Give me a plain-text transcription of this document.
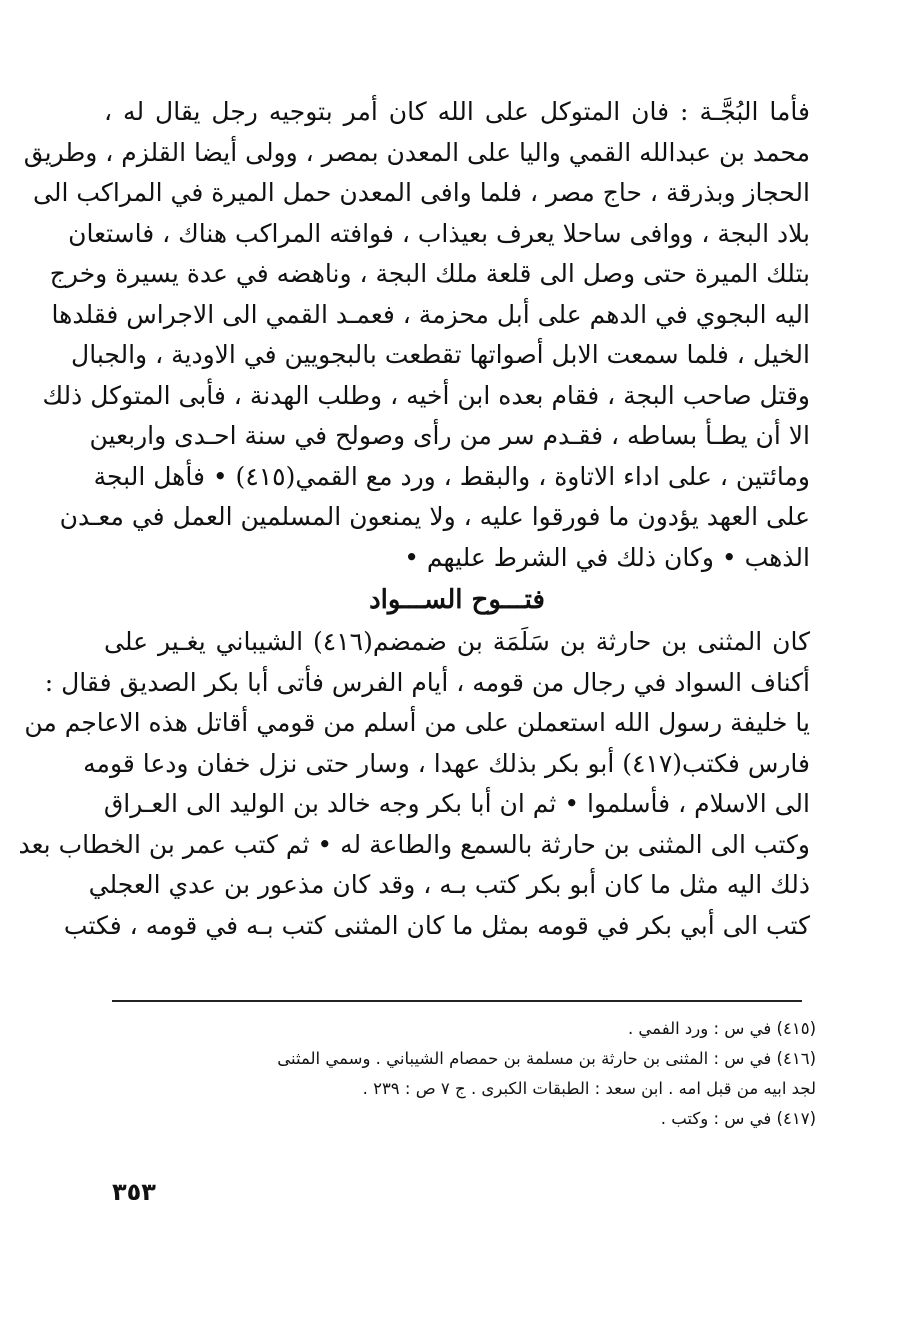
فأما البُجَّـة : فان المتوكل على الله كان أمر بتوجيه رجل يقال له ،
محمد بن عبدالله القمي واليا على المعدن بمصر ، وولى أيضا القلزم ، وطريق
الحجاز وبذرقة ، حاج مصر ، فلما وافى المعدن حمل الميرة في المراكب الى
بلاد البجة ، ووافى ساحلا يعرف بعيذاب ، فوافته المراكب هناك ، فاستعان
بتلك الميرة حتى وصل الى قلعة ملك البجة ، وناهضه في عدة يسيرة وخرج
اليه البجوي في الدهم على أبل محزمة ، فعمـد القمي الى الاجراس فقلدها
الخيل ، فلما سمعت الابل أصواتها تقطعت بالبجويين في الاودية ، والجبال
وقتل صاحب البجة ، فقام بعده ابن أخيه ، وطلب الهدنة ، فأبى المتوكل ذلك
الا أن يطـأ بساطه ، فقـدم سر من رأى وصولح في سنة احـدى واربعين
ومائتين ، على اداء الاتاوة ، والبقط ، ورد مع القمي(٤١٥) • فأهل البجة
على العهد يؤدون ما فورقوا عليه ، ولا يمنعون المسلمين العمل في معـدن
الذهب • وكان ذلك في الشرط عليهم •
فتـــوح الســـواد
كان المثنى بن حارثة بن سَلَمَة بن ضمضم(٤١٦) الشيباني يغـير على
أكناف السواد في رجال من قومه ، أيام الفرس فأتى أبا بكر الصديق فقال :
يا خليفة رسول الله استعملن على من أسلم من قومي أقاتل هذه الاعاجم من
فارس فكتب(٤١٧) أبو بكر بذلك عهدا ، وسار حتى نزل خفان ودعا قومه
الى الاسلام ، فأسلموا • ثم ان أبا بكر وجه خالد بن الوليد الى العـراق
وكتب الى المثنى بن حارثة بالسمع والطاعة له • ثم كتب عمر بن الخطاب بعد
ذلك اليه مثل ما كان أبو بكر كتب بـه ، وقد كان مذعور بن عدي العجلي
كتب الى أبي بكر في قومه بمثل ما كان المثنى كتب بـه في قومه ، فكتب
(٤١٥) في س : ورد الفمي .
(٤١٦) في س : المثنى بن حارثة بن مسلمة بن حمصام الشيباني . وسمي المثنى
لجد ابيه من قبل امه . ابن سعد : الطبقات الكبرى . ج ٧ ص : ٢٣٩ .
(٤١٧) في س : وكتب .
٣٥٣
